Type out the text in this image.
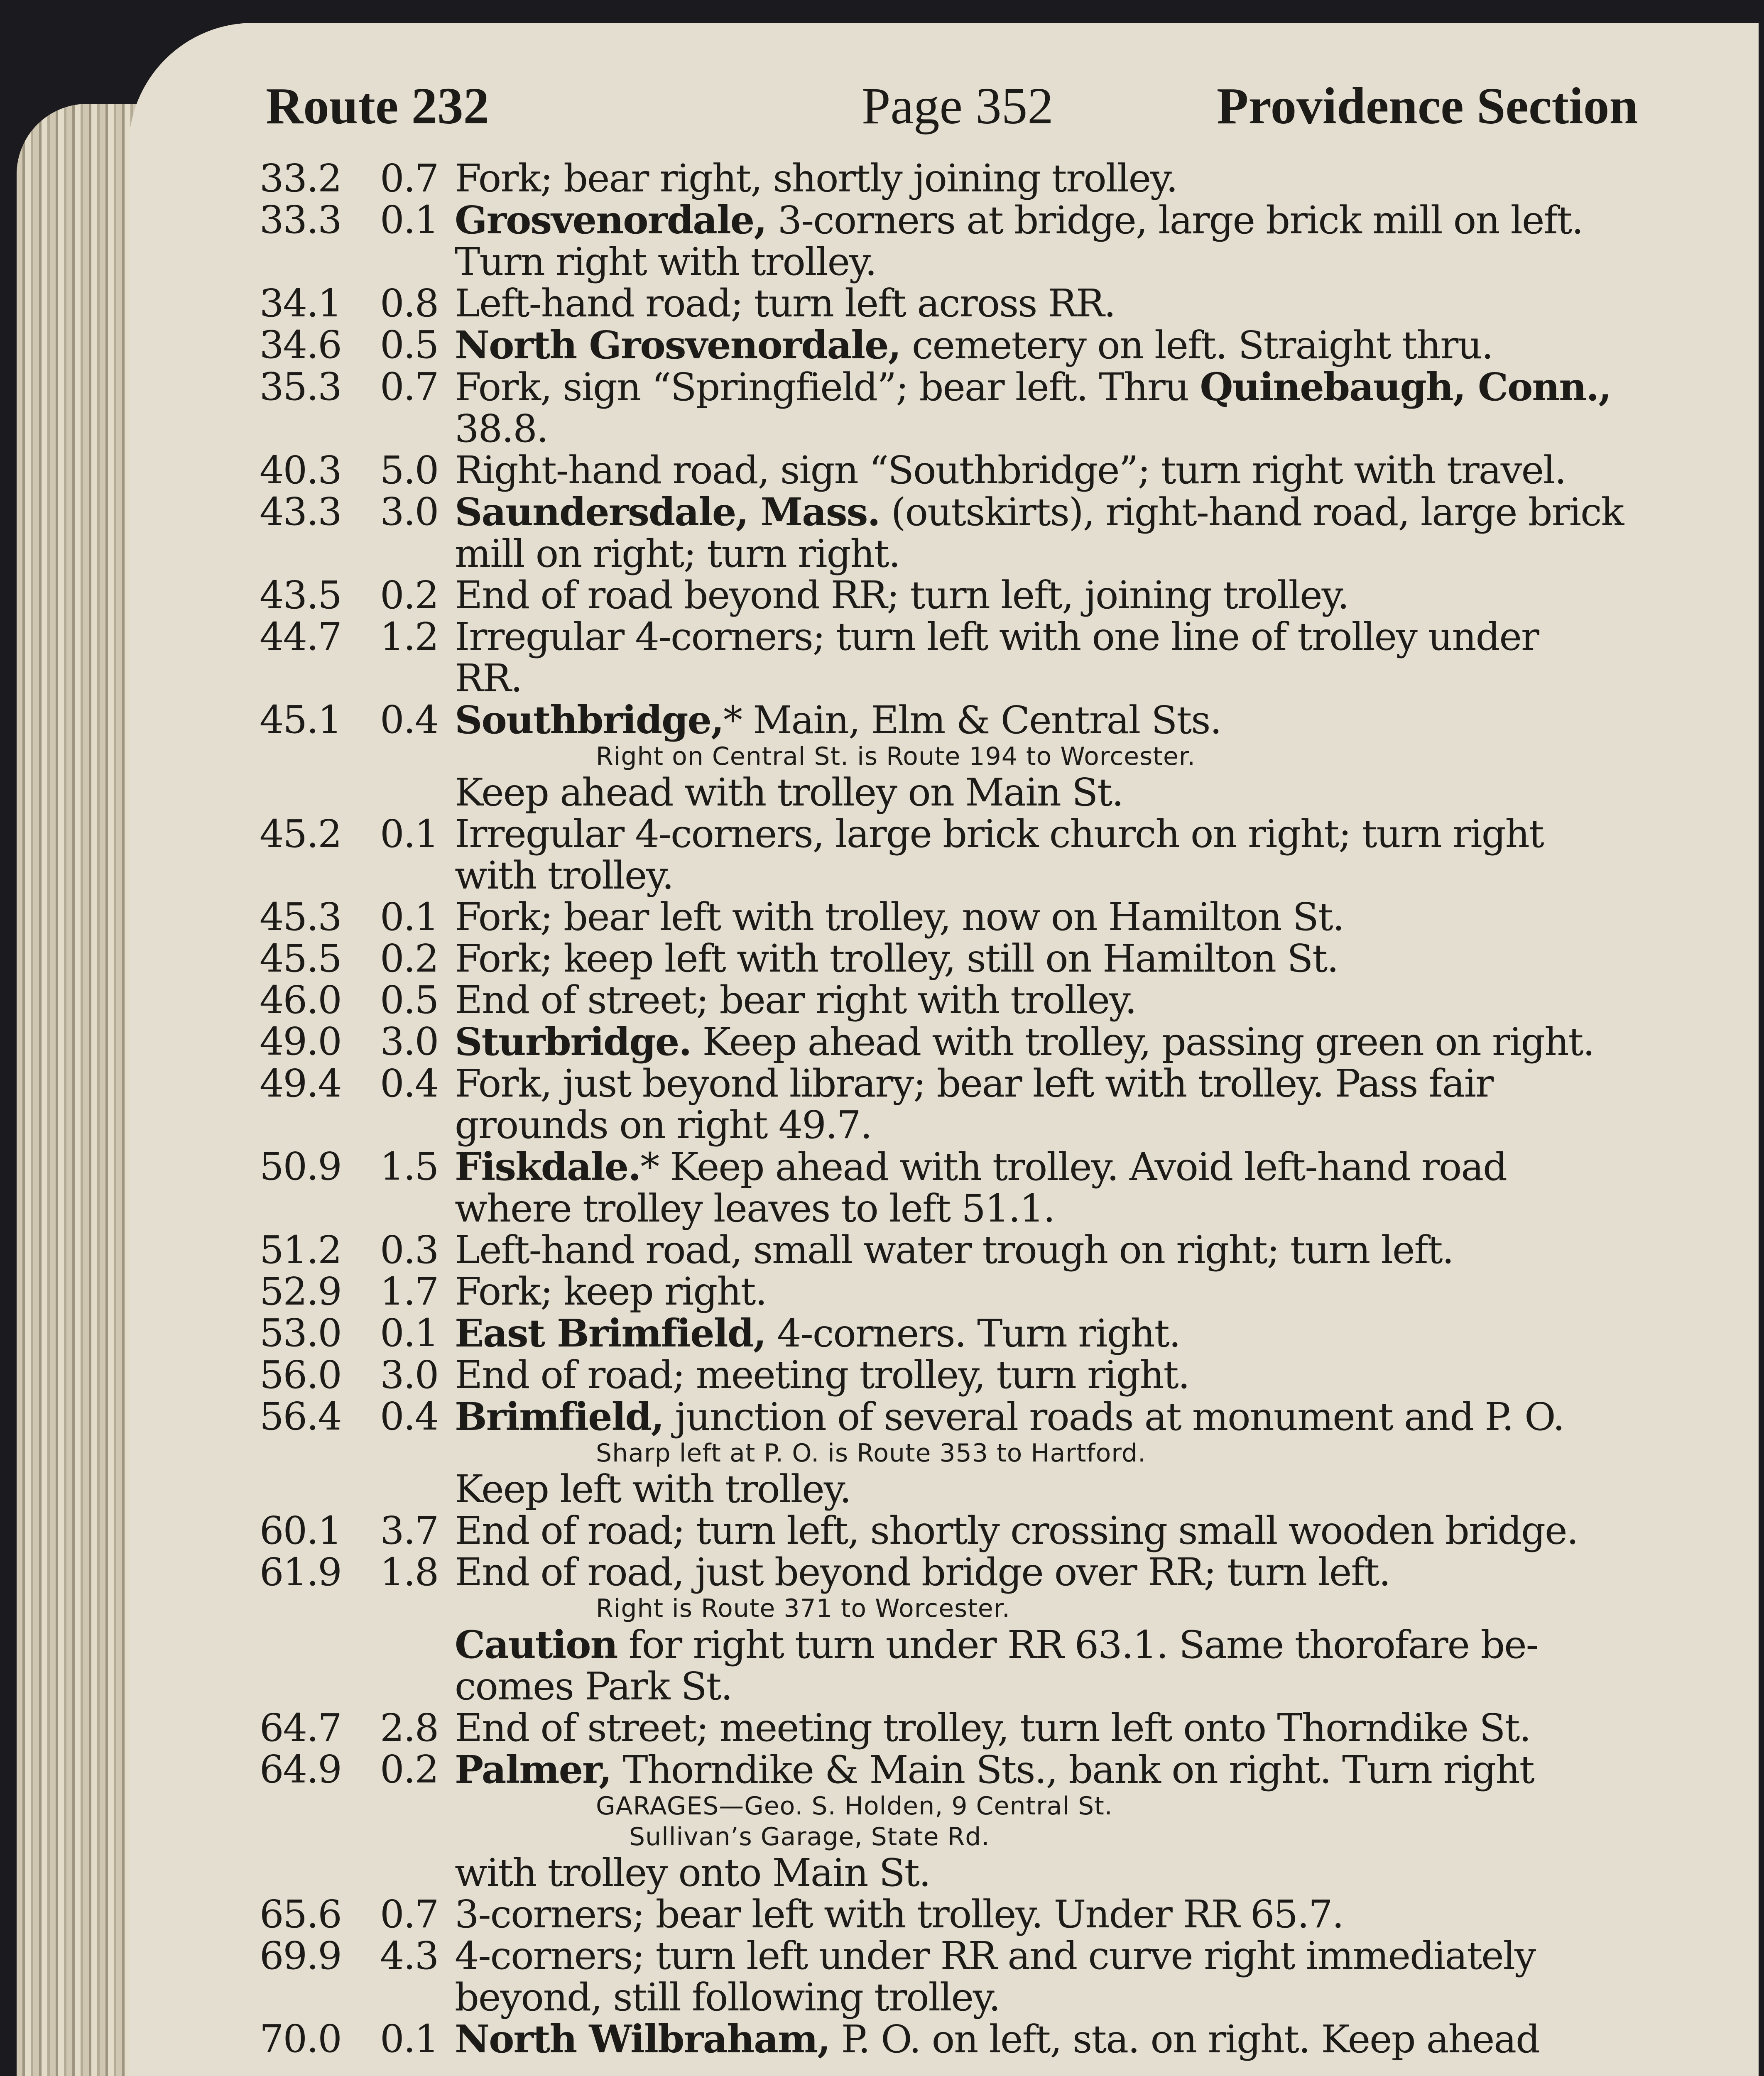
Route 232	Page 352	Providence Section
33.2	0.7 Fork; bear right, shortly joining trolley.
33.3	0.1 Grosvenordale, 3-corners at bridge, large brick mill on left.
Turn right with trolley.
34.1	0.8 Left-hand road; turn left across RR.
34.6	0.5 North Grosvenordale, cemetery on left. Straight thru.
35.3	0.7 Fork, sign “Springfield”; bear left. Thru Quinebaugh, Conn.,
38.8.
40.3	5.0 Right-hand road, sign “Southbridge”; turn right with travel.
43.3	3.0 Saundersdale, Mass. (outskirts), right-hand road, large brick
mill on right; turn right.
43.5	0.2 End of road beyond RR; turn left, joining trolley.
44.7	1.2 Irregular 4-corners; turn left with one line of trolley under
RR.
45.1	0.4 Southbridge,* Main, Elm & Central Sts.
Right on Central St. is Route 194 to Worcester.
Keep ahead with trolley on Main St.
45.2	0.1 Irregular 4-corners, large brick church on right; turn right
with trolley.
45.3	0.1 Fork; bear left with trolley, now on Hamilton St.
45.5	0.2 Fork; keep left with trolley, still on Hamilton St.
46.0	0.5 End of street; bear right with trolley.
49.0	3.0 Sturbridge. Keep ahead with trolley, passing green on right.
49.4	0.4 Fork, just beyond library; bear left with trolley. Pass fair
grounds on right 49.7.
50.9	1.5 Fiskdale.* Keep ahead with trolley. Avoid left-hand road
where trolley leaves to left 51.1.
51.2	0.3 Left-hand road, small water trough on right; turn left.
52.9	1.7 Fork; keep right.
53.0	0.1 East Brimfield, 4-corners. Turn right.
56.0	3.0 End of road; meeting trolley, turn right.
56.4	0.4 Brimfield, junction of several roads at monument and P. O.
Sharp left at P. O. is Route 353 to Hartford.
Keep left with trolley.
60.1	3.7 End of road; turn left, shortly crossing small wooden bridge.
61.9	1.8 End of road, just beyond bridge over RR; turn left.
Right is Route 371 to Worcester.
Caution for right turn under RR 63.1. Same thorofare be-
comes Park St.
64.7	2.8 End of street; meeting trolley, turn left onto Thorndike St.
64.9	0.2 Palmer, Thorndike & Main Sts., bank on right. Turn right
GARAGES—Geo. S. Holden, 9 Central St.
Sullivan’s Garage, State Rd.
with trolley onto Main St.
65.6	0.7 3-corners; bear left with trolley. Under RR 65.7.
69.9	4.3 4-corners; turn left under RR and curve right immediately
beyond, still following trolley.
70.0	0.1 North Wilbraham, P. O. on left, sta. on right. Keep ahead
